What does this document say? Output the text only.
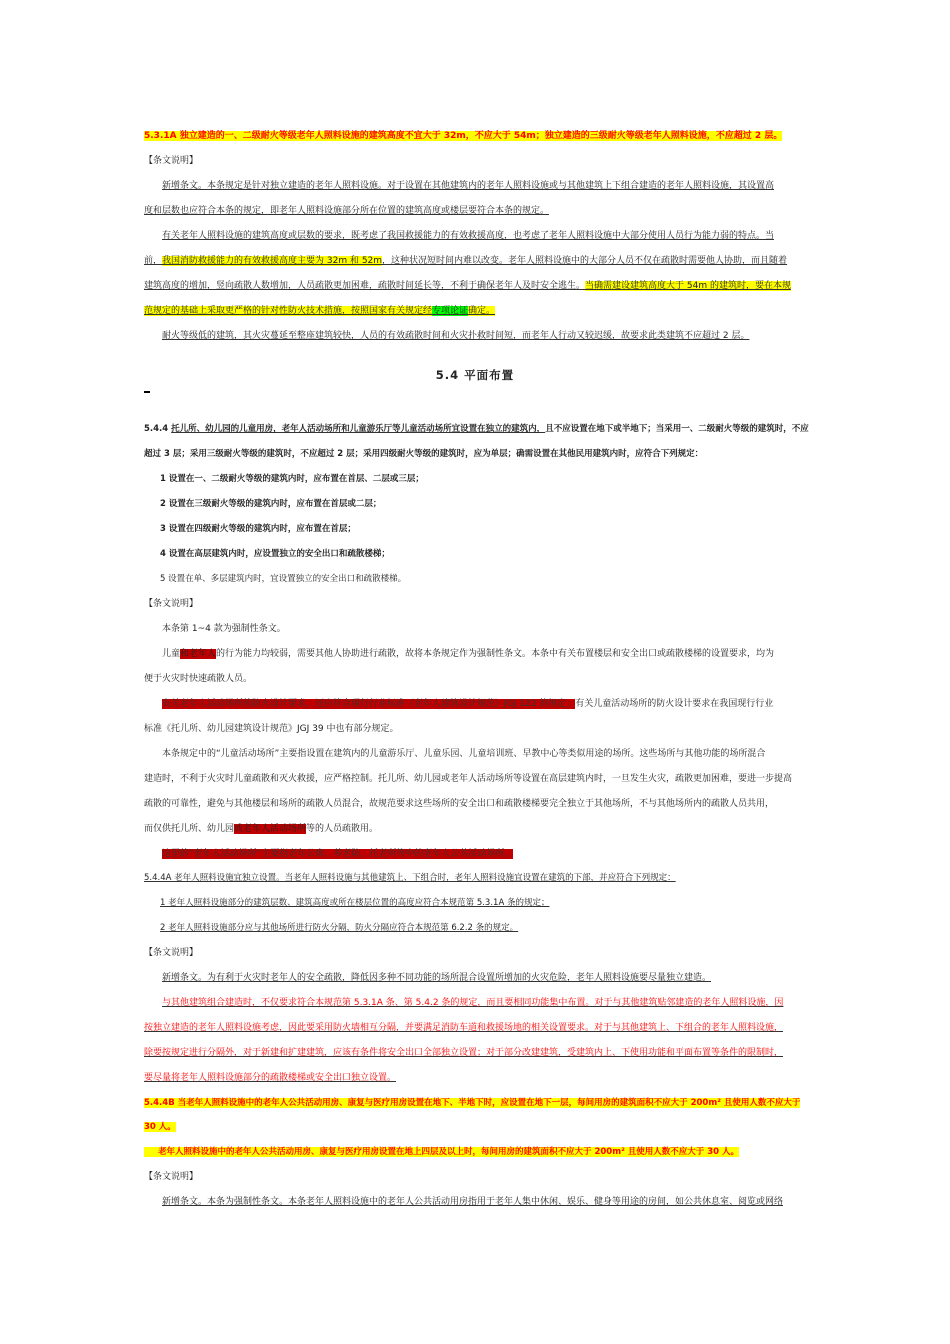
5.3.1A 独立建造的一、二级耐火等级老年人照料设施的建筑高度不宜大于 32m，不应大于 54m；独立建造的三级耐火等级老年人照料设施，不应超过 2 层。
【条文说明】
新增条文。本条规定是针对独立建造的老年人照料设施。对于设置在其他建筑内的老年人照料设施或与其他建筑上下组合建造的老年人照料设施，其设置高
度和层数也应符合本条的规定，即老年人照料设施部分所在位置的建筑高度或楼层要符合本条的规定。
有关老年人照料设施的建筑高度或层数的要求，既考虑了我国救援能力的有效救援高度，也考虑了老年人照料设施中大部分使用人员行为能力弱的特点。当
前，我国消防救援能力的有效救援高度主要为 32m 和 52m，这种状况短时间内难以改变。老年人照料设施中的大部分人员不仅在疏散时需要他人协助，而且随着
建筑高度的增加，竖向疏散人数增加，人员疏散更加困难，疏散时间延长等，不利于确保老年人及时安全逃生。当确需建设建筑高度大于 54m 的建筑时，要在本规
范规定的基础上采取更严格的针对性防火技术措施，按照国家有关规定经专项论证确定。
耐火等级低的建筑，其火灾蔓延至整座建筑较快，人员的有效疏散时间和火灾扑救时间短，而老年人行动又较迟缓，故要求此类建筑不应超过 2 层。
5.4 平面布置
5.4.4 托儿所、幼儿园的儿童用房，老年人活动场所和儿童游乐厅等儿童活动场所宜设置在独立的建筑内，且不应设置在地下或半地下；当采用一、二级耐火等级的建筑时，不应
超过 3 层；采用三级耐火等级的建筑时，不应超过 2 层；采用四级耐火等级的建筑时，应为单层；确需设置在其他民用建筑内时，应符合下列规定：
1 设置在一、二级耐火等级的建筑内时，应布置在首层、二层或三层；
2 设置在三级耐火等级的建筑内时，应布置在首层或二层；
3 设置在四级耐火等级的建筑内时，应布置在首层；
4 设置在高层建筑内时，应设置独立的安全出口和疏散楼梯；
5 设置在单、多层建筑内时，宜设置独立的安全出口和疏散楼梯。
【条文说明】
本条第 1~4 款为强制性条文。
儿童和老年人的行为能力均较弱，需要其他人协助进行疏散，故将本条规定作为强制性条文。本条中有关布置楼层和安全出口或疏散楼梯的设置要求，均为
便于火灾时快速疏散人员。
有关老年人活动场所的防火设计要求，还应符合现行行业标准《老年人建筑设计规范》JGJ 122 的规定；有关儿童活动场所的防火设计要求在我国现行行业
标准《托儿所、幼儿园建筑设计规范》JGJ 39 中也有部分规定。
本条规定中的“儿童活动场所”主要指设置在建筑内的儿童游乐厅、儿童乐园、儿童培训班、早教中心等类似用途的场所。这些场所与其他功能的场所混合
建造时，不利于火灾时儿童疏散和灭火救援，应严格控制。托儿所、幼儿园或老年人活动场所等设置在高层建筑内时，一旦发生火灾，疏散更加困难，要进一步提高
疏散的可靠性，避免与其他楼层和场所的疏散人员混合，故规范要求这些场所的安全出口和疏散楼梯要完全独立于其他场所，不与其他场所内的疏散人员共用，
而仅供托儿所、幼儿园或老年人活动场所等的人员疏散用。
这里的“老年人活动场所”主要指老年公寓、养老院、托老所等中的老年人公共活动场所。
5.4.4A 老年人照料设施宜独立设置。当老年人照料设施与其他建筑上、下组合时，老年人照料设施宜设置在建筑的下部，并应符合下列规定：
1 老年人照料设施部分的建筑层数、建筑高度或所在楼层位置的高度应符合本规范第 5.3.1A 条的规定；
2 老年人照料设施部分应与其他场所进行防火分隔，防火分隔应符合本规范第 6.2.2 条的规定。
【条文说明】
新增条文。为有利于火灾时老年人的安全疏散，降低因多种不同功能的场所混合设置所增加的火灾危险，老年人照料设施要尽量独立建造。
与其他建筑组合建造时，不仅要求符合本规范第 5.3.1A 条、第 5.4.2 条的规定，而且要相同功能集中布置。对于与其他建筑贴邻建造的老年人照料设施，因
按独立建造的老年人照料设施考虑，因此要采用防火墙相互分隔，并要满足消防车道和救援场地的相关设置要求。对于与其他建筑上、下组合的老年人照料设施，
除要按规定进行分隔外，对于新建和扩建建筑，应该有条件将安全出口全部独立设置；对于部分改建建筑，受建筑内上、下使用功能和平面布置等条件的限制时，
要尽量将老年人照料设施部分的疏散楼梯或安全出口独立设置。
5.4.4B 当老年人照料设施中的老年人公共活动用房、康复与医疗用房设置在地下、半地下时，应设置在地下一层，每间用房的建筑面积不应大于 200m² 且使用人数不应大于
30 人。
老年人照料设施中的老年人公共活动用房、康复与医疗用房设置在地上四层及以上时，每间用房的建筑面积不应大于 200m² 且使用人数不应大于 30 人。
【条文说明】
新增条文。本条为强制性条文。本条老年人照料设施中的老年人公共活动用房指用于老年人集中休闲、娱乐、健身等用途的房间，如公共休息室、阅览或网络
